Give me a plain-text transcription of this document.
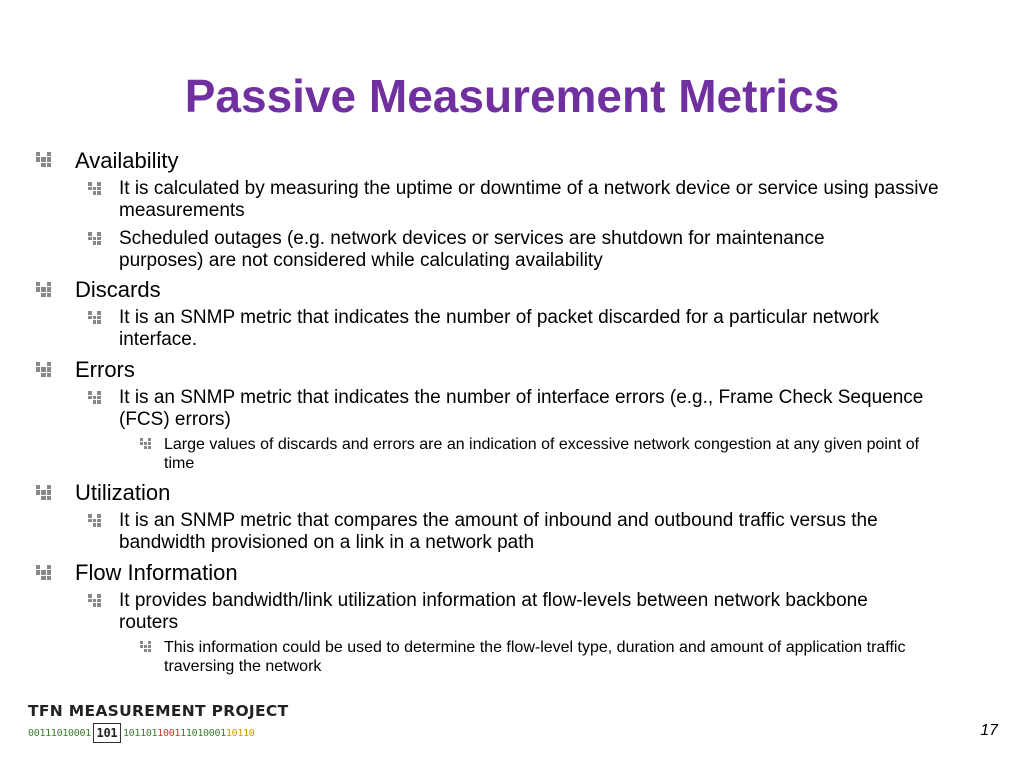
Passive Measurement Metrics

Availability

It is calculated by measuring the uptime or downtime of a network device or service using passive measurements

Scheduled outages (e.g. network devices or services are shutdown for maintenance purposes) are not considered while calculating availability

Discards

It is an SNMP metric that indicates the number of packet discarded for a particular network interface.

Errors

It is an SNMP metric that indicates the number of interface errors (e.g., Frame Check Sequence (FCS) errors)

Large values of discards and errors are an indication of excessive network congestion at any given point of time

Utilization

It is an SNMP metric that compares the amount of inbound and outbound traffic versus the bandwidth provisioned on a link in a network path

Flow Information

It provides bandwidth/link utilization information at flow-levels between network backbone routers

This information could be used to determine the flow-level type, duration and amount of application traffic traversing the network

TFN MEASUREMENT PROJECT
00111010001 101 101101 1001 11010001 10110	17
